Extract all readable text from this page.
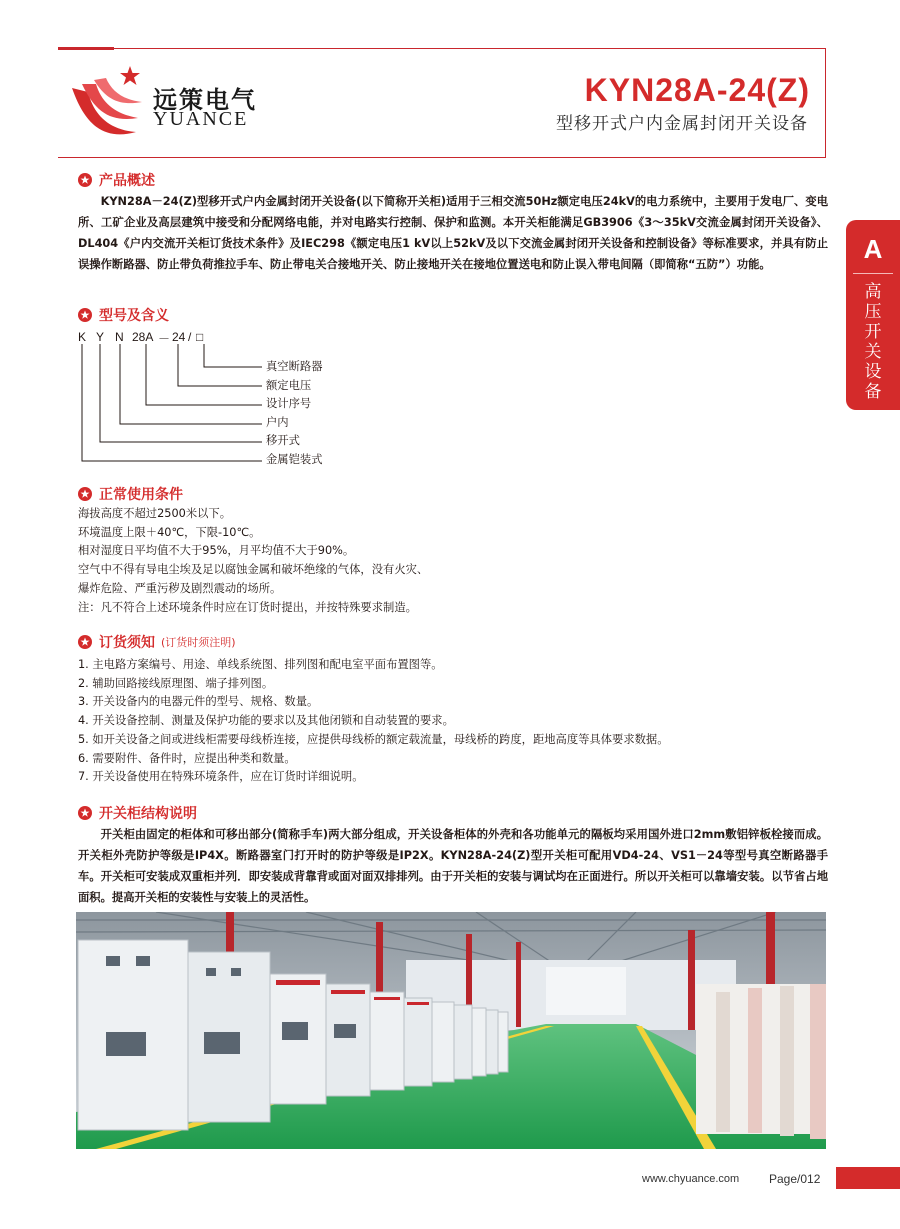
远策电气
YUANCE
KYN28A-24(Z)
型移开式户内金属封闭开关设备
A
高压开关设备
产品概述
KYN28A－24(Z)型移开式户内金属封闭开关设备(以下简称开关柜)适用于三相交流50Hz额定电压24kV的电力系统中，主要用于发电厂、变电所、工矿企业及高层建筑中接受和分配网络电能，并对电路实行控制、保护和监测。本开关柜能满足GB3906《3～35kV交流金属封闭开关设备》、DL404《户内交流开关柜订货技术条件》及IEC298《额定电压1 kV以上52kV及以下交流金属封闭开关设备和控制设备》等标准要求，并具有防止误操作断路器、防止带负荷推拉手车、防止带电关合接地开关、防止接地开关在接地位置送电和防止误入带电间隔（即简称“五防”）功能。
型号及含义
K Y N 28A － 24 / □
真空断路器
额定电压
设计序号
户内
移开式
金属铠装式
正常使用条件
海拔高度不超过2500米以下。
环境温度上限＋40℃，下限-10℃。
相对湿度日平均值不大于95%，月平均值不大于90%。
空气中不得有导电尘埃及足以腐蚀金属和破坏绝缘的气体，没有火灾、
爆炸危险、严重污秽及剧烈震动的场所。
注：凡不符合上述环境条件时应在订货时提出，并按特殊要求制造。
订货须知 (订货时须注明)
1. 主电路方案编号、用途、单线系统图、排列图和配电室平面布置图等。
2. 辅助回路接线原理图、端子排列图。
3. 开关设备内的电器元件的型号、规格、数量。
4. 开关设备控制、测量及保护功能的要求以及其他闭锁和自动装置的要求。
5. 如开关设备之间或进线柜需要母线桥连接，应提供母线桥的额定载流量，母线桥的跨度，距地高度等具体要求数据。
6. 需要附件、备件时，应提出种类和数量。
7. 开关设备使用在特殊环境条件，应在订货时详细说明。
开关柜结构说明
开关柜由固定的柜体和可移出部分(简称手车)两大部分组成，开关设备柜体的外壳和各功能单元的隔板均采用国外进口2mm敷铝锌板栓接而成。开关柜外壳防护等级是IP4X。断路器室门打开时的防护等级是IP2X。KYN28A-24(Z)型开关柜可配用VD4-24、VS1－24等型号真空断路器手车。开关柜可安装成双重柜并列．即安装成背靠背或面对面双排排列。由于开关柜的安装与调试均在正面进行。所以开关柜可以靠墙安装。以节省占地面积。提高开关柜的安装性与安装上的灵活性。
www.chyuance.com Page/012
